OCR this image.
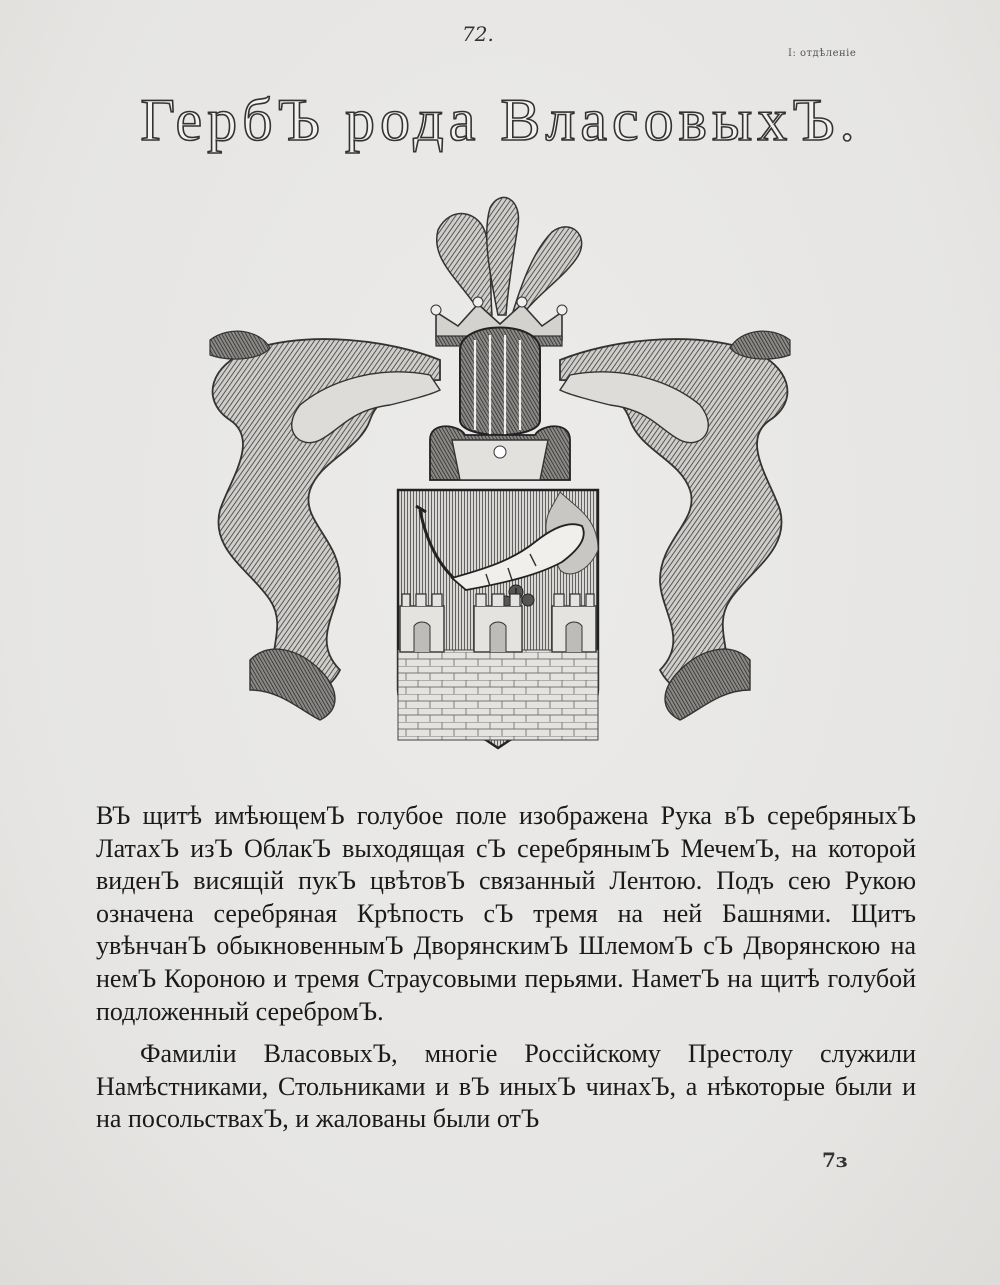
72.
I: отдѣленіе
ГербЪ рода ВласовыхЪ.

ВЪ щитѣ имѣющемЪ голубое поле изображена Рука вЪ серебряныхЪ ЛатахЪ изЪ ОблакЪ выходящая сЪ серебрянымЪ МечемЪ, на которой виденЪ висящій пукЪ цвѣтовЪ связанный Лентою. Подъ сею Рукою означена серебряная Крѣпость сЪ тремя на ней Башнями. Щитъ увѣнчанЪ обыкновеннымЪ ДворянскимЪ ШлемомЪ сЪ Дворянскою на немЪ Короною и тремя Страусовыми перьями. НаметЪ на щитѣ голубой подложенный серебромЪ.

Фамиліи ВласовыхЪ, многіе Россійскому Престолу служили Намѣстниками, Стольниками и вЪ иныхЪ чинахЪ, а нѣкоторые были и на посольствахЪ, и жалованы были отЪ

7ɜ
